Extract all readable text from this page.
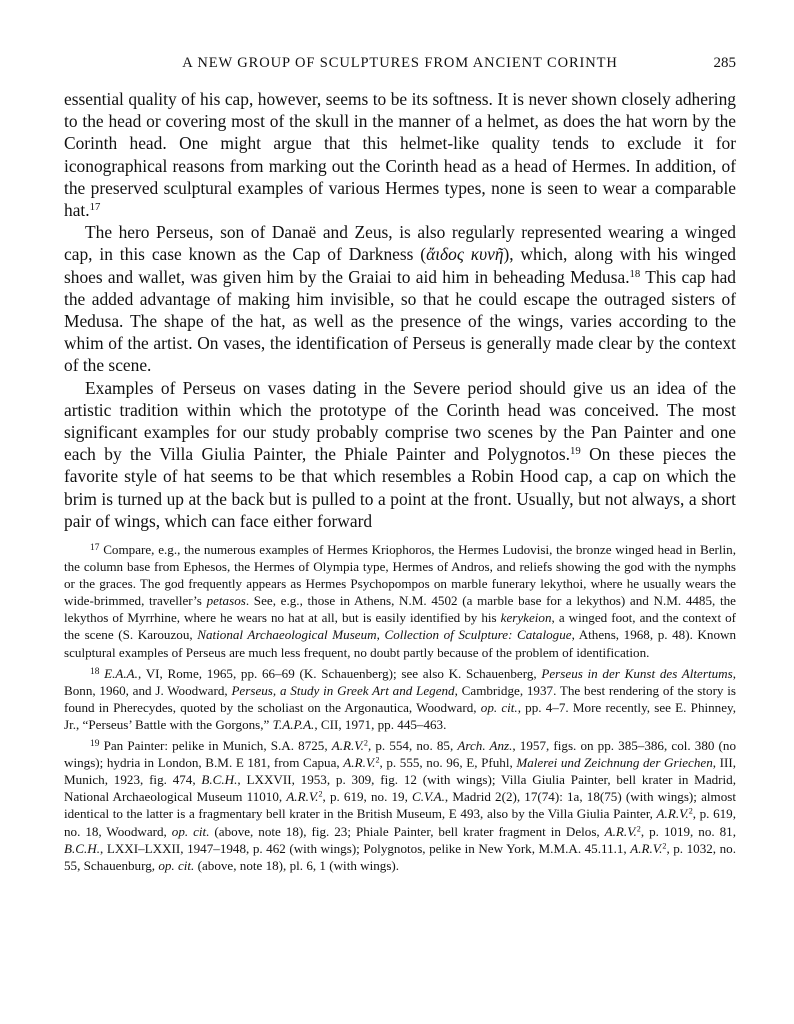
A NEW GROUP OF SCULPTURES FROM ANCIENT CORINTH	285

essential quality of his cap, however, seems to be its softness. It is never shown closely adhering to the head or covering most of the skull in the manner of a helmet, as does the hat worn by the Corinth head. One might argue that this helmet-like quality tends to exclude it for iconographical reasons from marking out the Corinth head as a head of Hermes. In addition, of the preserved sculptural examples of various Hermes types, none is seen to wear a comparable hat.$^{17}$

The hero Perseus, son of Danaë and Zeus, is also regularly represented wearing a winged cap, in this case known as the Cap of Darkness (ἄιδος κυνῆ), which, along with his winged shoes and wallet, was given him by the Graiai to aid him in beheading Medusa.$^{18}$ This cap had the added advantage of making him invisible, so that he could escape the outraged sisters of Medusa. The shape of the hat, as well as the presence of the wings, varies according to the whim of the artist. On vases, the identification of Perseus is generally made clear by the context of the scene.

Examples of Perseus on vases dating in the Severe period should give us an idea of the artistic tradition within which the prototype of the Corinth head was conceived. The most significant examples for our study probably comprise two scenes by the Pan Painter and one each by the Villa Giulia Painter, the Phiale Painter and Polygnotos.$^{19}$ On these pieces the favorite style of hat seems to be that which resembles a Robin Hood cap, a cap on which the brim is turned up at the back but is pulled to a point at the front. Usually, but not always, a short pair of wings, which can face either forward

$^{17}$ Compare, e.g., the numerous examples of Hermes Kriophoros, the Hermes Ludovisi, the bronze winged head in Berlin, the column base from Ephesos, the Hermes of Olympia type, Hermes of Andros, and reliefs showing the god with the nymphs or the graces. The god frequently appears as Hermes Psychopompos on marble funerary lekythoi, where he usually wears the wide-brimmed, traveller’s petasos. See, e.g., those in Athens, N.M. 4502 (a marble base for a lekythos) and N.M. 4485, the lekythos of Myrrhine, where he wears no hat at all, but is easily identified by his kerykeion, a winged foot, and the context of the scene (S. Karouzou, National Archaeological Museum, Collection of Sculpture: Catalogue, Athens, 1968, p. 48). Known sculptural examples of Perseus are much less frequent, no doubt partly because of the problem of identification.

$^{18}$ E.A.A., VI, Rome, 1965, pp. 66–69 (K. Schauenberg); see also K. Schauenberg, Perseus in der Kunst des Altertums, Bonn, 1960, and J. Woodward, Perseus, a Study in Greek Art and Legend, Cambridge, 1937. The best rendering of the story is found in Pherecydes, quoted by the scholiast on the Argonautica, Woodward, op. cit., pp. 4–7. More recently, see E. Phinney, Jr., “Perseus’ Battle with the Gorgons,” T.A.P.A., CII, 1971, pp. 445–463.

$^{19}$ Pan Painter: pelike in Munich, S.A. 8725, A.R.V.$^2$, p. 554, no. 85, Arch. Anz., 1957, figs. on pp. 385–386, col. 380 (no wings); hydria in London, B.M. E 181, from Capua, A.R.V.$^2$, p. 555, no. 96, E, Pfuhl, Malerei und Zeichnung der Griechen, III, Munich, 1923, fig. 474, B.C.H., LXXVII, 1953, p. 309, fig. 12 (with wings); Villa Giulia Painter, bell krater in Madrid, National Archaeological Museum 11010, A.R.V.$^2$, p. 619, no. 19, C.V.A., Madrid 2(2), 17(74): 1a, 18(75) (with wings); almost identical to the latter is a fragmentary bell krater in the British Museum, E 493, also by the Villa Giulia Painter, A.R.V.$^2$, p. 619, no. 18, Woodward, op. cit. (above, note 18), fig. 23; Phiale Painter, bell krater fragment in Delos, A.R.V.$^2$, p. 1019, no. 81, B.C.H., LXXI–LXXII, 1947–1948, p. 462 (with wings); Polygnotos, pelike in New York, M.M.A. 45.11.1, A.R.V.$^2$, p. 1032, no. 55, Schauenburg, op. cit. (above, note 18), pl. 6, 1 (with wings).
